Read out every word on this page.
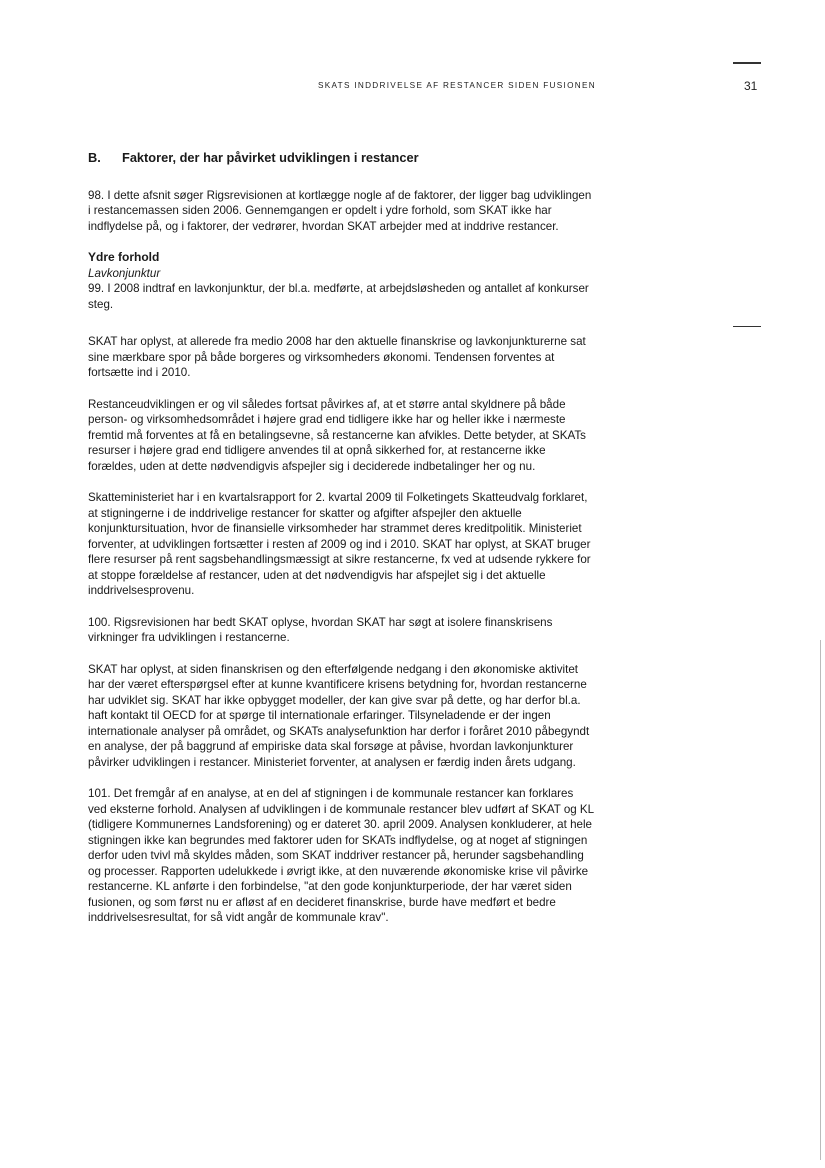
SKATS INDDRIVELSE AF RESTANCER SIDEN FUSIONEN	31
B.	Faktorer, der har påvirket udviklingen i restancer

98. I dette afsnit søger Rigsrevisionen at kortlægge nogle af de faktorer, der ligger bag udviklingen i restancemassen siden 2006. Gennemgangen er opdelt i ydre forhold, som SKAT ikke har indflydelse på, og i faktorer, der vedrører, hvordan SKAT arbejder med at inddrive restancer.

Ydre forhold
Lavkonjunktur

99. I 2008 indtraf en lavkonjunktur, der bl.a. medførte, at arbejdsløsheden og antallet af konkurser steg.

SKAT har oplyst, at allerede fra medio 2008 har den aktuelle finanskrise og lavkonjunkturerne sat sine mærkbare spor på både borgeres og virksomheders økonomi. Tendensen forventes at fortsætte ind i 2010.

Restanceudviklingen er og vil således fortsat påvirkes af, at et større antal skyldnere på både person- og virksomhedsområdet i højere grad end tidligere ikke har og heller ikke i nærmeste fremtid må forventes at få en betalingsevne, så restancerne kan afvikles. Dette betyder, at SKATs resurser i højere grad end tidligere anvendes til at opnå sikkerhed for, at restancerne ikke forældes, uden at dette nødvendigvis afspejler sig i deciderede indbetalinger her og nu.

Skatteministeriet har i en kvartalsrapport for 2. kvartal 2009 til Folketingets Skatteudvalg forklaret, at stigningerne i de inddrivelige restancer for skatter og afgifter afspejler den aktuelle konjunktursituation, hvor de finansielle virksomheder har strammet deres kreditpolitik. Ministeriet forventer, at udviklingen fortsætter i resten af 2009 og ind i 2010. SKAT har oplyst, at SKAT bruger flere resurser på rent sagsbehandlingsmæssigt at sikre restancerne, fx ved at udsende rykkere for at stoppe forældelse af restancer, uden at det nødvendigvis har afspejlet sig i det aktuelle inddrivelsesprovenu.

100. Rigsrevisionen har bedt SKAT oplyse, hvordan SKAT har søgt at isolere finanskrisens virkninger fra udviklingen i restancerne.

SKAT har oplyst, at siden finanskrisen og den efterfølgende nedgang i den økonomiske aktivitet har der været efterspørgsel efter at kunne kvantificere krisens betydning for, hvordan restancerne har udviklet sig. SKAT har ikke opbygget modeller, der kan give svar på dette, og har derfor bl.a. haft kontakt til OECD for at spørge til internationale erfaringer. Tilsyneladende er der ingen internationale analyser på området, og SKATs analysefunktion har derfor i foråret 2010 påbegyndt en analyse, der på baggrund af empiriske data skal forsøge at påvise, hvordan lavkonjunkturer påvirker udviklingen i restancer. Ministeriet forventer, at analysen er færdig inden årets udgang.

101. Det fremgår af en analyse, at en del af stigningen i de kommunale restancer kan forklares ved eksterne forhold. Analysen af udviklingen i de kommunale restancer blev udført af SKAT og KL (tidligere Kommunernes Landsforening) og er dateret 30. april 2009. Analysen konkluderer, at hele stigningen ikke kan begrundes med faktorer uden for SKATs indflydelse, og at noget af stigningen derfor uden tvivl må skyldes måden, som SKAT inddriver restancer på, herunder sagsbehandling og processer. Rapporten udelukkede i øvrigt ikke, at den nuværende økonomiske krise vil påvirke restancerne. KL anførte i den forbindelse, "at den gode konjunkturperiode, der har været siden fusionen, og som først nu er afløst af en decideret finanskrise, burde have medført et bedre inddrivelsesresultat, for så vidt angår de kommunale krav".
